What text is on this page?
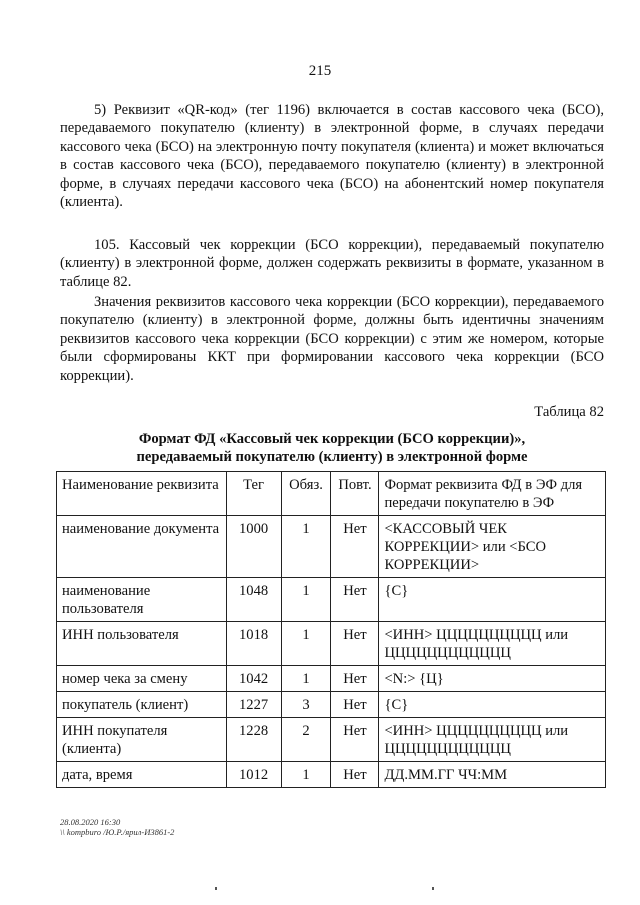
215

5) Реквизит «QR-код» (тег 1196) включается в состав кассового чека (БСО), передаваемого покупателю (клиенту) в электронной форме, в случаях передачи кассового чека (БСО) на электронную почту покупателя (клиента) и может включаться в состав кассового чека (БСО), передаваемого покупателю (клиенту) в электронной форме, в случаях передачи кассового чека (БСО) на абонентский номер покупателя (клиента).

105. Кассовый чек коррекции (БСО коррекции), передаваемый покупателю (клиенту) в электронной форме, должен содержать реквизиты в формате, указанном в таблице 82.

Значения реквизитов кассового чека коррекции (БСО коррекции), передаваемого покупателю (клиенту) в электронной форме, должны быть идентичны значениям реквизитов кассового чека коррекции (БСО коррекции) с этим же номером, которые были сформированы ККТ при формировании кассового чека коррекции (БСО коррекции).

Таблица 82
Формат ФД «Кассовый чек коррекции (БСО коррекции)»,
передаваемый покупателю (клиенту) в электронной форме
Наименование реквизита	Тег	Обяз.	Повт.	Формат реквизита ФД в ЭФ для передачи покупателю в ЭФ
наименование документа	1000	1	Нет	<КАССОВЫЙ ЧЕК КОРРЕКЦИИ> или <БСО КОРРЕКЦИИ>
наименование пользователя	1048	1	Нет	{С}
ИНН пользователя	1018	1	Нет	<ИНН> ЦЦЦЦЦЦЦЦЦЦ или ЦЦЦЦЦЦЦЦЦЦЦЦ
номер чека за смену	1042	1	Нет	<N:> {Ц}
покупатель (клиент)	1227	3	Нет	{С}
ИНН покупателя (клиента)	1228	2	Нет	<ИНН> ЦЦЦЦЦЦЦЦЦЦ или ЦЦЦЦЦЦЦЦЦЦЦЦ
дата, время	1012	1	Нет	ДД.ММ.ГГ ЧЧ:ММ
28.08.2020 16:30
\\ kompburo /Ю.Р./ярил-И3861-2
